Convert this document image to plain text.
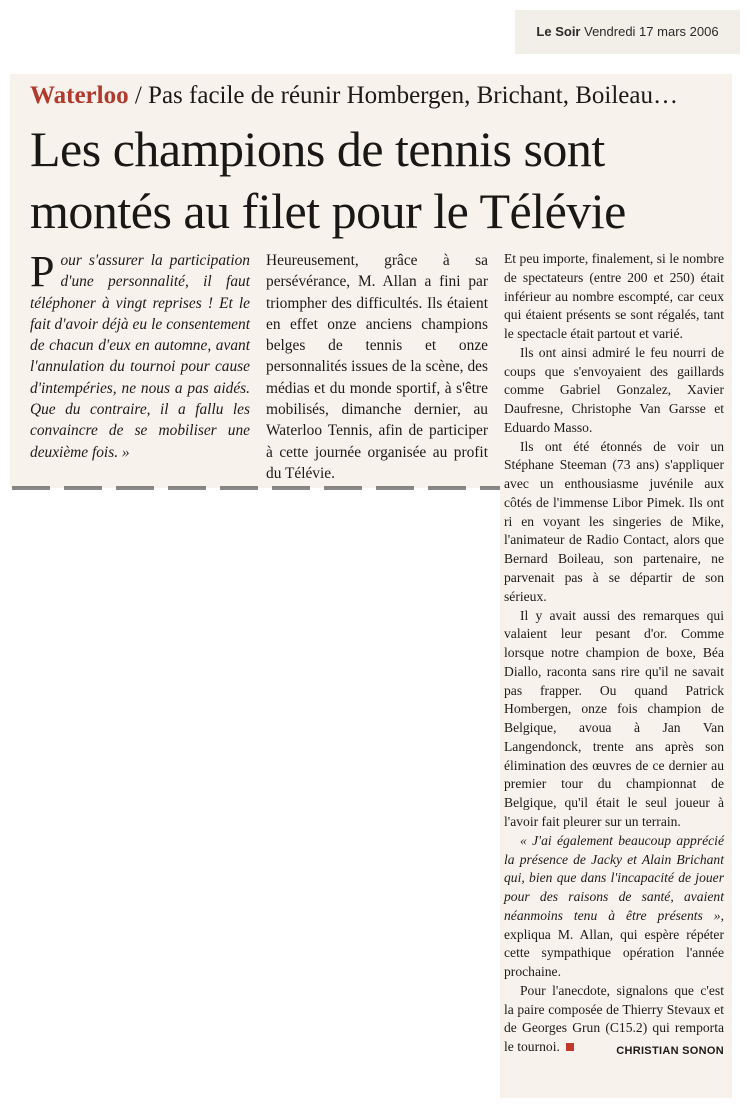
Le Soir Vendredi 17 mars 2006
Waterloo / Pas facile de réunir Hombergen, Brichant, Boileau…
Les champions de tennis sont montés au filet pour le Télévie

Pour s'assurer la participation d'une personnalité, il faut téléphoner à vingt reprises ! Et le fait d'avoir déjà eu le consentement de chacun d'eux en automne, avant l'annulation du tournoi pour cause d'intempéries, ne nous a pas aidés. Que du contraire, il a fallu les convaincre de se mobiliser une deuxième fois. »

Heureusement, grâce à sa persévérance, M. Allan a fini par triompher des difficultés. Ils étaient en effet onze anciens champions belges de tennis et onze personnalités issues de la scène, des médias et du monde sportif, à s'être mobilisés, dimanche dernier, au Waterloo Tennis, afin de participer à cette journée organisée au profit du Télévie.

Et peu importe, finalement, si le nombre de spectateurs (entre 200 et 250) était inférieur au nombre escompté, car ceux qui étaient présents se sont régalés, tant le spectacle était partout et varié.

Ils ont ainsi admiré le feu nourri de coups que s'envoyaient des gaillards comme Gabriel Gonzalez, Xavier Daufresne, Christophe Van Garsse et Eduardo Masso.

Ils ont été étonnés de voir un Stéphane Steeman (73 ans) s'appliquer avec un enthousiasme juvénile aux côtés de l'immense Libor Pimek. Ils ont ri en voyant les singeries de Mike, l'animateur de Radio Contact, alors que Bernard Boileau, son partenaire, ne parvenait pas à se départir de son sérieux.

Il y avait aussi des remarques qui valaient leur pesant d'or. Comme lorsque notre champion de boxe, Béa Diallo, raconta sans rire qu'il ne savait pas frapper. Ou quand Patrick Hombergen, onze fois champion de Belgique, avoua à Jan Van Langendonck, trente ans après son élimination des œuvres de ce dernier au premier tour du championnat de Belgique, qu'il était le seul joueur à l'avoir fait pleurer sur un terrain.

« J'ai également beaucoup apprécié la présence de Jacky et Alain Brichant qui, bien que dans l'incapacité de jouer pour des raisons de santé, avaient néanmoins tenu à être présents », expliqua M. Allan, qui espère répéter cette sympathique opération l'année prochaine.

Pour l'anecdote, signalons que c'est la paire composée de Thierry Stevaux et de Georges Grun (C15.2) qui remporta le tournoi.	CHRISTIAN SONON
